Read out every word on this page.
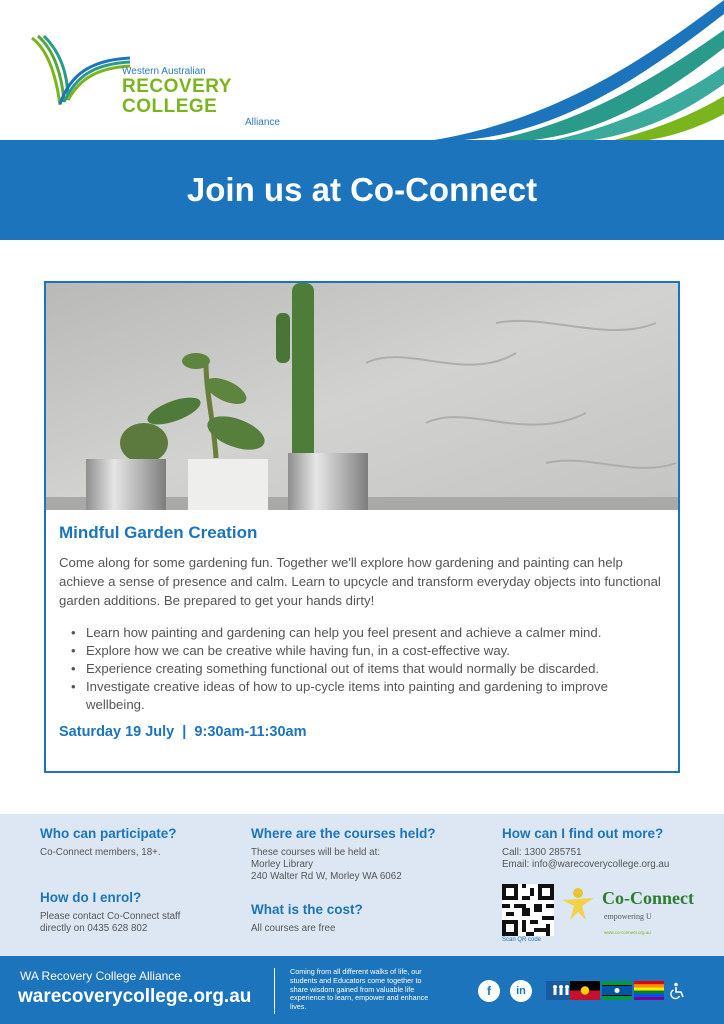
Western Australian
RECOVERY COLLEGE
Alliance
Join us at Co-Connect
Mindful Garden Creation

Come along for some gardening fun. Together we'll explore how gardening and painting can help achieve a sense of presence and calm. Learn to upcycle and transform everyday objects into functional garden additions. Be prepared to get your hands dirty!

• Learn how painting and gardening can help you feel present and achieve a calmer mind.
• Explore how we can be creative while having fun, in a cost-effective way.
• Experience creating something functional out of items that would normally be discarded.
• Investigate creative ideas of how to up-cycle items into painting and gardening to improve wellbeing.
Saturday 19 July  |  9:30am-11:30am
Who can participate?

Co-Connect members, 18+.

How do I enrol?

Please contact Co-Connect staff

directly on 0435 628 802

Where are the courses held?

These courses will be held at:

Morley Library

240 Walter Rd W, Morley WA 6062

What is the cost?

All courses are free

How can I find out more?

Call: 1300 285751

Email: info@warecoverycollege.org.au

Scan QR code
Co-Connect
empowering U
www.co-connect.org.au
WA Recovery College Alliance
warecoverycollege.org.au
Coming from all different walks of life, our students and Educators come together to share wisdom gained from valuable life experience to learn, empower and enhance lives.
f in
